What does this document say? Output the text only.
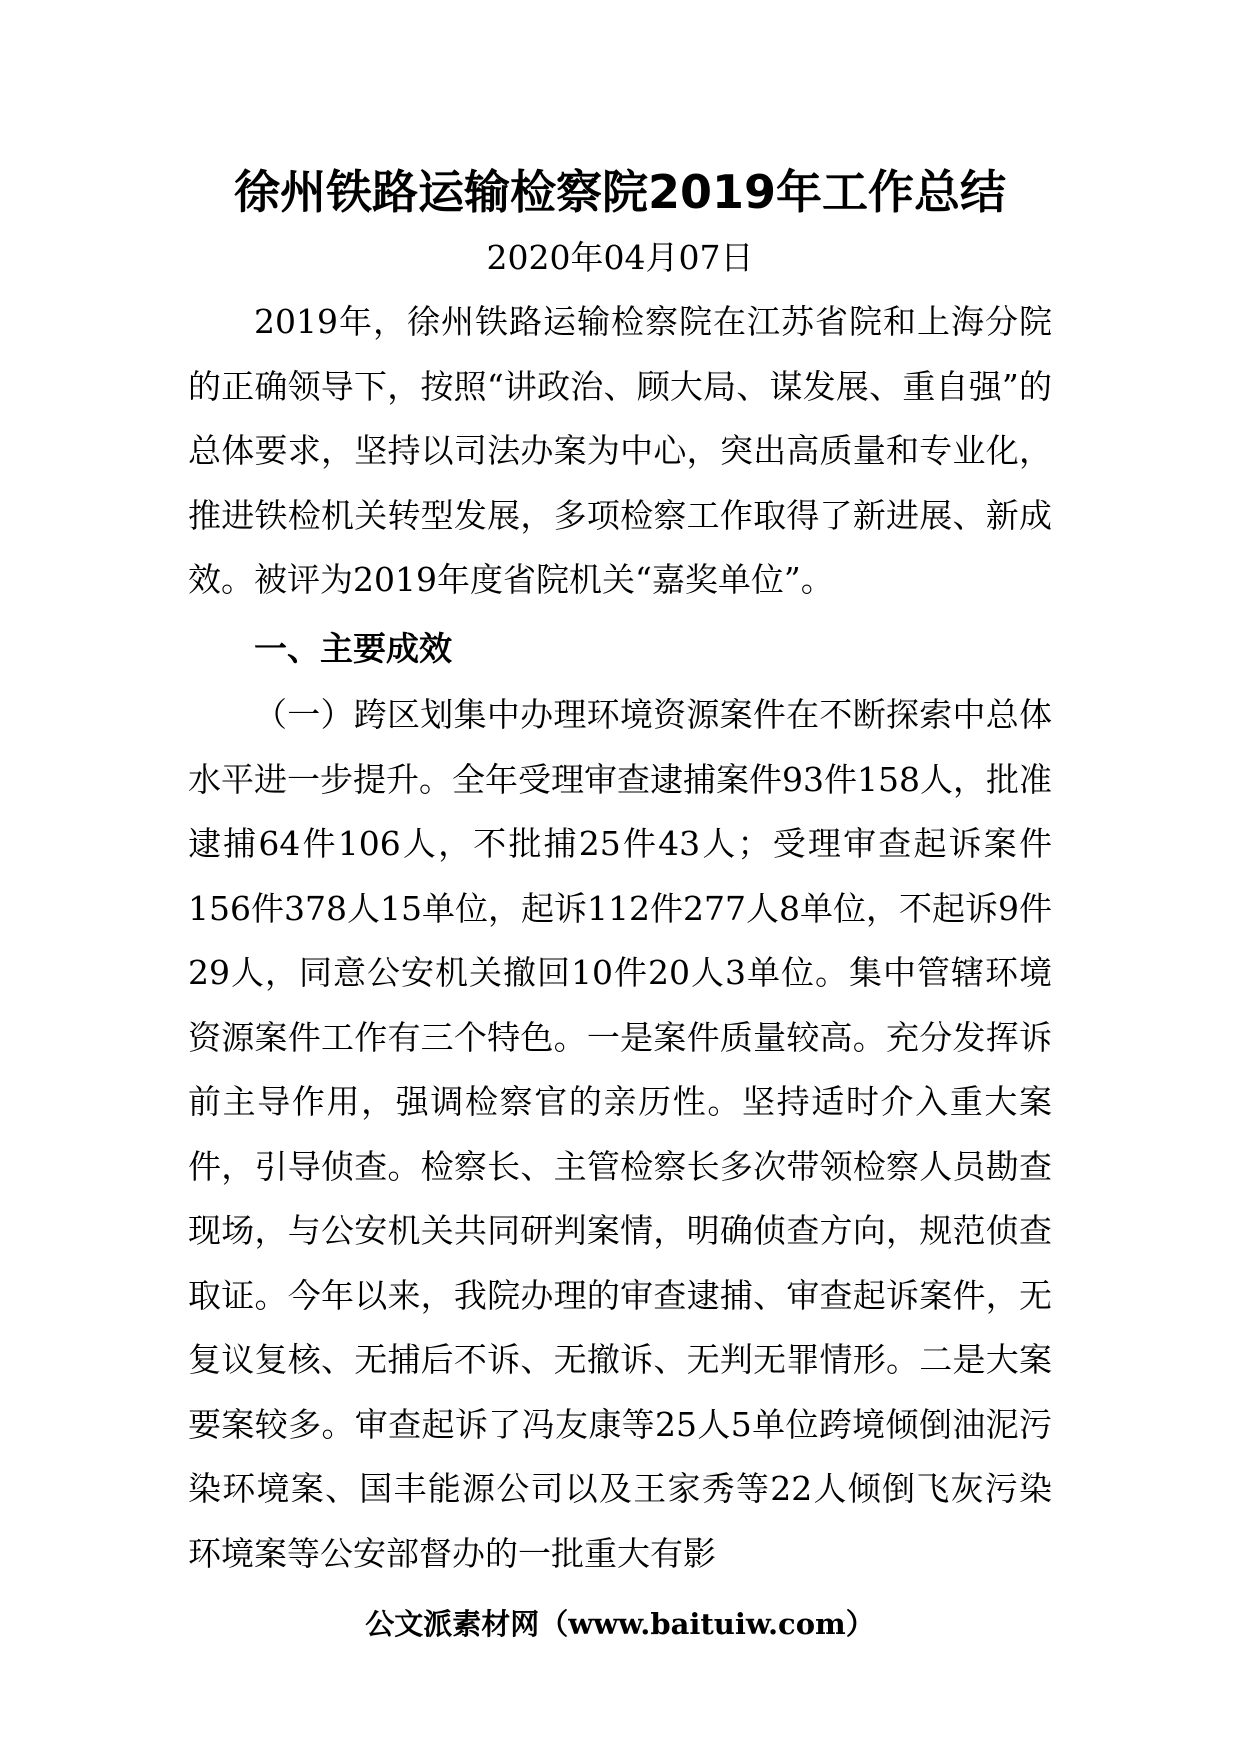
徐州铁路运输检察院2019年工作总结

2020年04月07日

2019年，徐州铁路运输检察院在江苏省院和上海分院的正确领导下，按照“讲政治、顾大局、谋发展、重自强”的总体要求，坚持以司法办案为中心，突出高质量和专业化，推进铁检机关转型发展，多项检察工作取得了新进展、新成效。被评为2019年度省院机关“嘉奖单位”。

一、主要成效

（一）跨区划集中办理环境资源案件在不断探索中总体水平进一步提升。全年受理审查逮捕案件93件158人，批准逮捕64件106人，不批捕25件43人；受理审查起诉案件156件378人15单位，起诉112件277人8单位，不起诉9件29人，同意公安机关撤回10件20人3单位。集中管辖环境资源案件工作有三个特色。一是案件质量较高。充分发挥诉前主导作用，强调检察官的亲历性。坚持适时介入重大案件，引导侦查。检察长、主管检察长多次带领检察人员勘查现场，与公安机关共同研判案情，明确侦查方向，规范侦查取证。今年以来，我院办理的审查逮捕、审查起诉案件，无复议复核、无捕后不诉、无撤诉、无判无罪情形。二是大案要案较多。审查起诉了冯友康等25人5单位跨境倾倒油泥污染环境案、国丰能源公司以及王家秀等22人倾倒飞灰污染环境案等公安部督办的一批重大有影

公文派素材网（www.baituiw.com）
